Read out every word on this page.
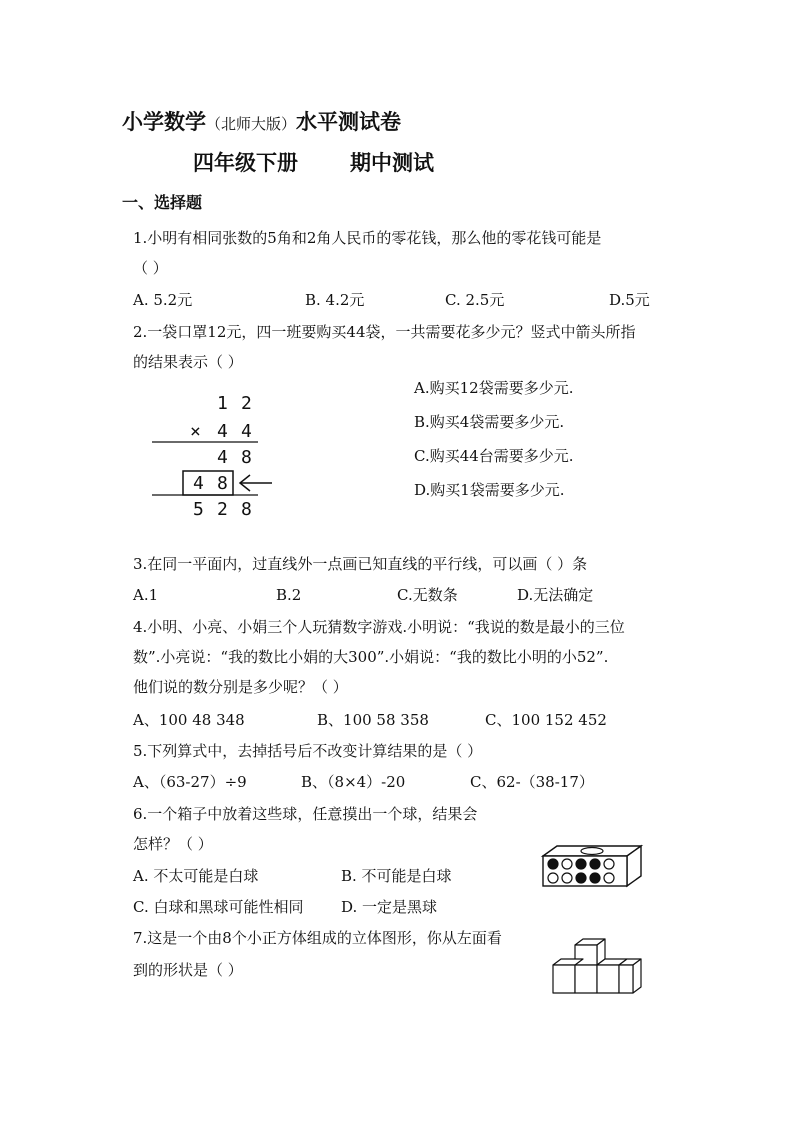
小学数学（北师大版）水平测试卷
四年级下册 期中测试
一、选择题
1.小明有相同张数的5角和2角人民币的零花钱，那么他的零花钱可能是
（ ）
A. 5.2元	B. 4.2元	C. 2.5元	D.5元
2.一袋口罩12元，四一班要购买44袋，一共需要花多少元？竖式中箭头所指
的结果表示（ ）
1 2
× 4 4
4 8
4 8
5 2 8
A.购买12袋需要多少元.
B.购买4袋需要多少元.
C.购买44台需要多少元.
D.购买1袋需要多少元.
3.在同一平面内，过直线外一点画已知直线的平行线，可以画（ ）条
A.1	B.2	C.无数条	D.无法确定
4.小明、小亮、小娟三个人玩猜数字游戏.小明说：“我说的数是最小的三位
数”.小亮说：“我的数比小娟的大300”.小娟说：“我的数比小明的小52”.
他们说的数分别是多少呢？（ ）
A、100 48 348	B、100 58 358	C、100 152 452
5.下列算式中，去掉括号后不改变计算结果的是（ ）
A、（63-27）÷9	B、（8×4）-20	C、62-（38-17）
6.一个箱子中放着这些球，任意摸出一个球，结果会
怎样？（ ）
A. 不太可能是白球	B. 不可能是白球
C. 白球和黑球可能性相同	D. 一定是黑球
7.这是一个由8个小正方体组成的立体图形，你从左面看
到的形状是（ ）
